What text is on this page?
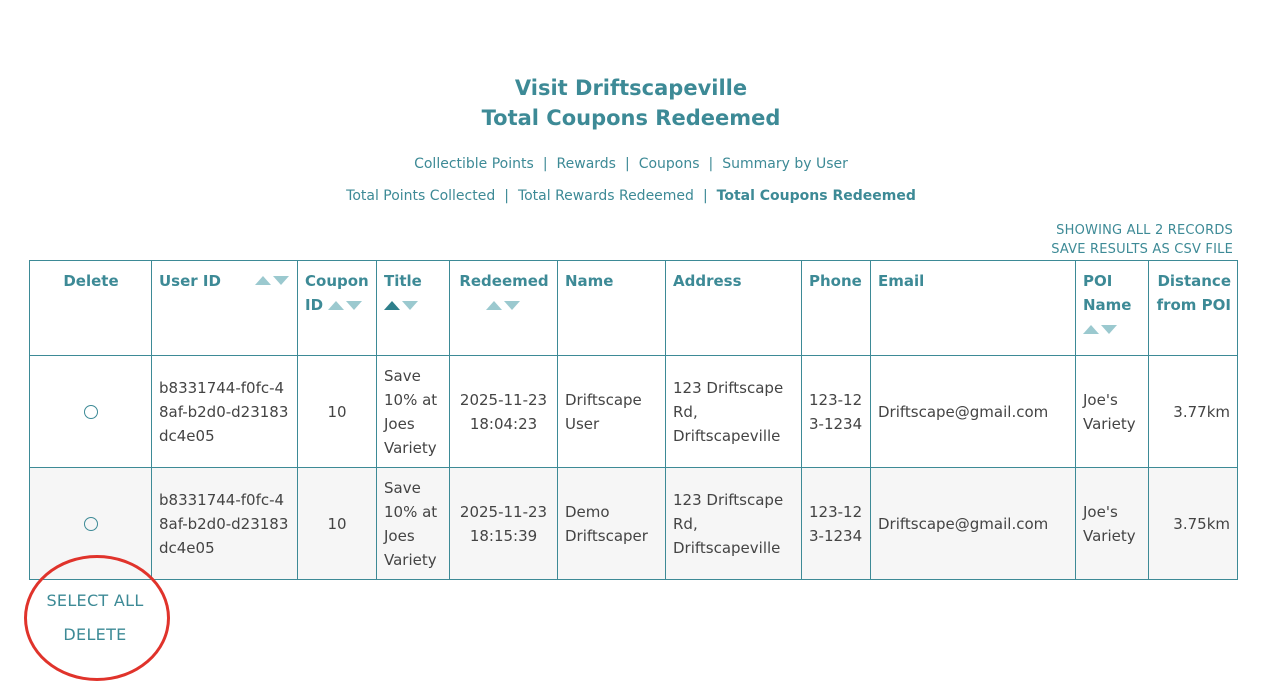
Visit Driftscapeville
Total Coupons Redeemed
Collectible Points | Rewards | Coupons | Summary by User
Total Points Collected | Total Rewards Redeemed | Total Coupons Redeemed
SHOWING ALL 2 RECORDS
SAVE RESULTS AS CSV FILE
Delete	User ID	Coupon ID	Title	Redeemed	Name	Address	Phone	Email	POI Name	Distance from POI

	b8331744-f0fc-48af-b2d0-d23183dc4e05	10	Save 10% at Joes Variety	2025-11-23 18:04:23	Driftscape User	123 Driftscape Rd, Driftscapeville	123-123-1234	Driftscape@gmail.com	Joe's Variety	3.77km

	b8331744-f0fc-48af-b2d0-d23183dc4e05	10	Save 10% at Joes Variety	2025-11-23 18:15:39	Demo Driftscaper	123 Driftscape Rd, Driftscapeville	123-123-1234	Driftscape@gmail.com	Joe's Variety	3.75km
SELECT ALL
DELETE
